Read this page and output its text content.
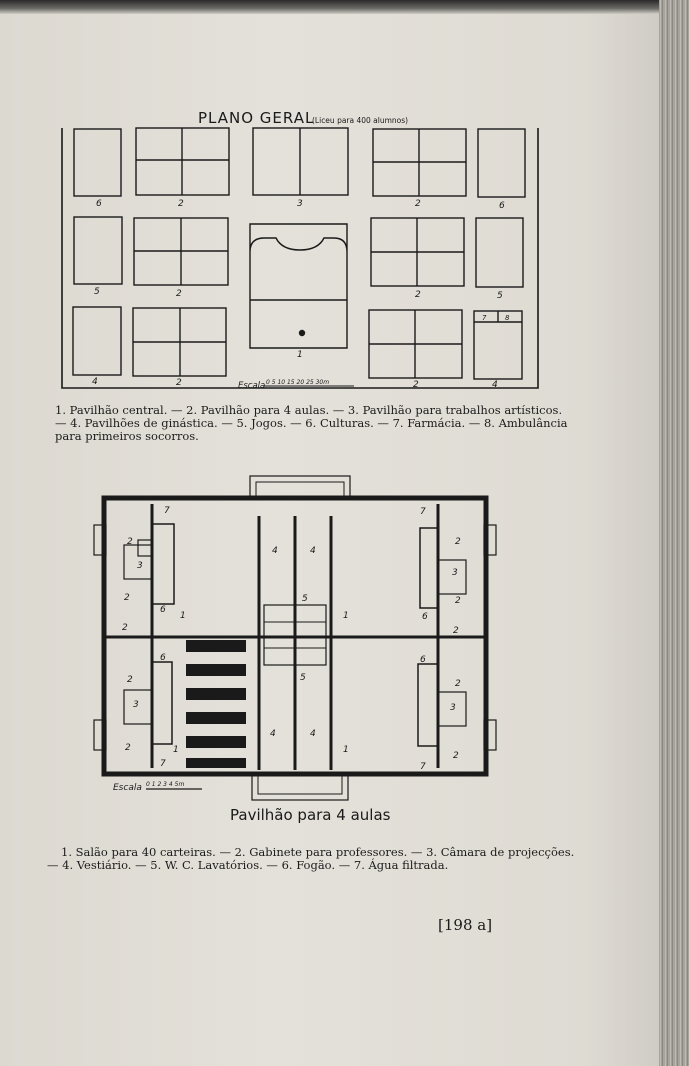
PLANO GERAL
(Liceu para 400 alumnos)
6	2	3	2	6
5	2	2	5
4	2
1
2	4
7	8
Escala 0 5 10 15 20 25 30m
1. Pavilhão central. — 2. Pavilhão para 4 aulas. — 3. Pavilhão para trabalhos artísticos.
— 4. Pavilhões de ginástica. — 5. Jogos. — 6. Culturas. — 7. Farmácia. — 8. Ambulância
para primeiros socorros.
2
3
2
7
6
1
4	4
5
1
7
2
3
2
6
2
2
6
2
3
2	1
7
5
4	4
1
6
2
3
2
7
Escala 0 1 2 3 4 5m
Pavilhão para 4 aulas
1. Salão para 40 carteiras. — 2. Gabinete para professores. — 3. Câmara de projecções.
— 4. Vestiário. — 5. W. C. Lavatórios. — 6. Fogão. — 7. Água filtrada.
[198 a]
